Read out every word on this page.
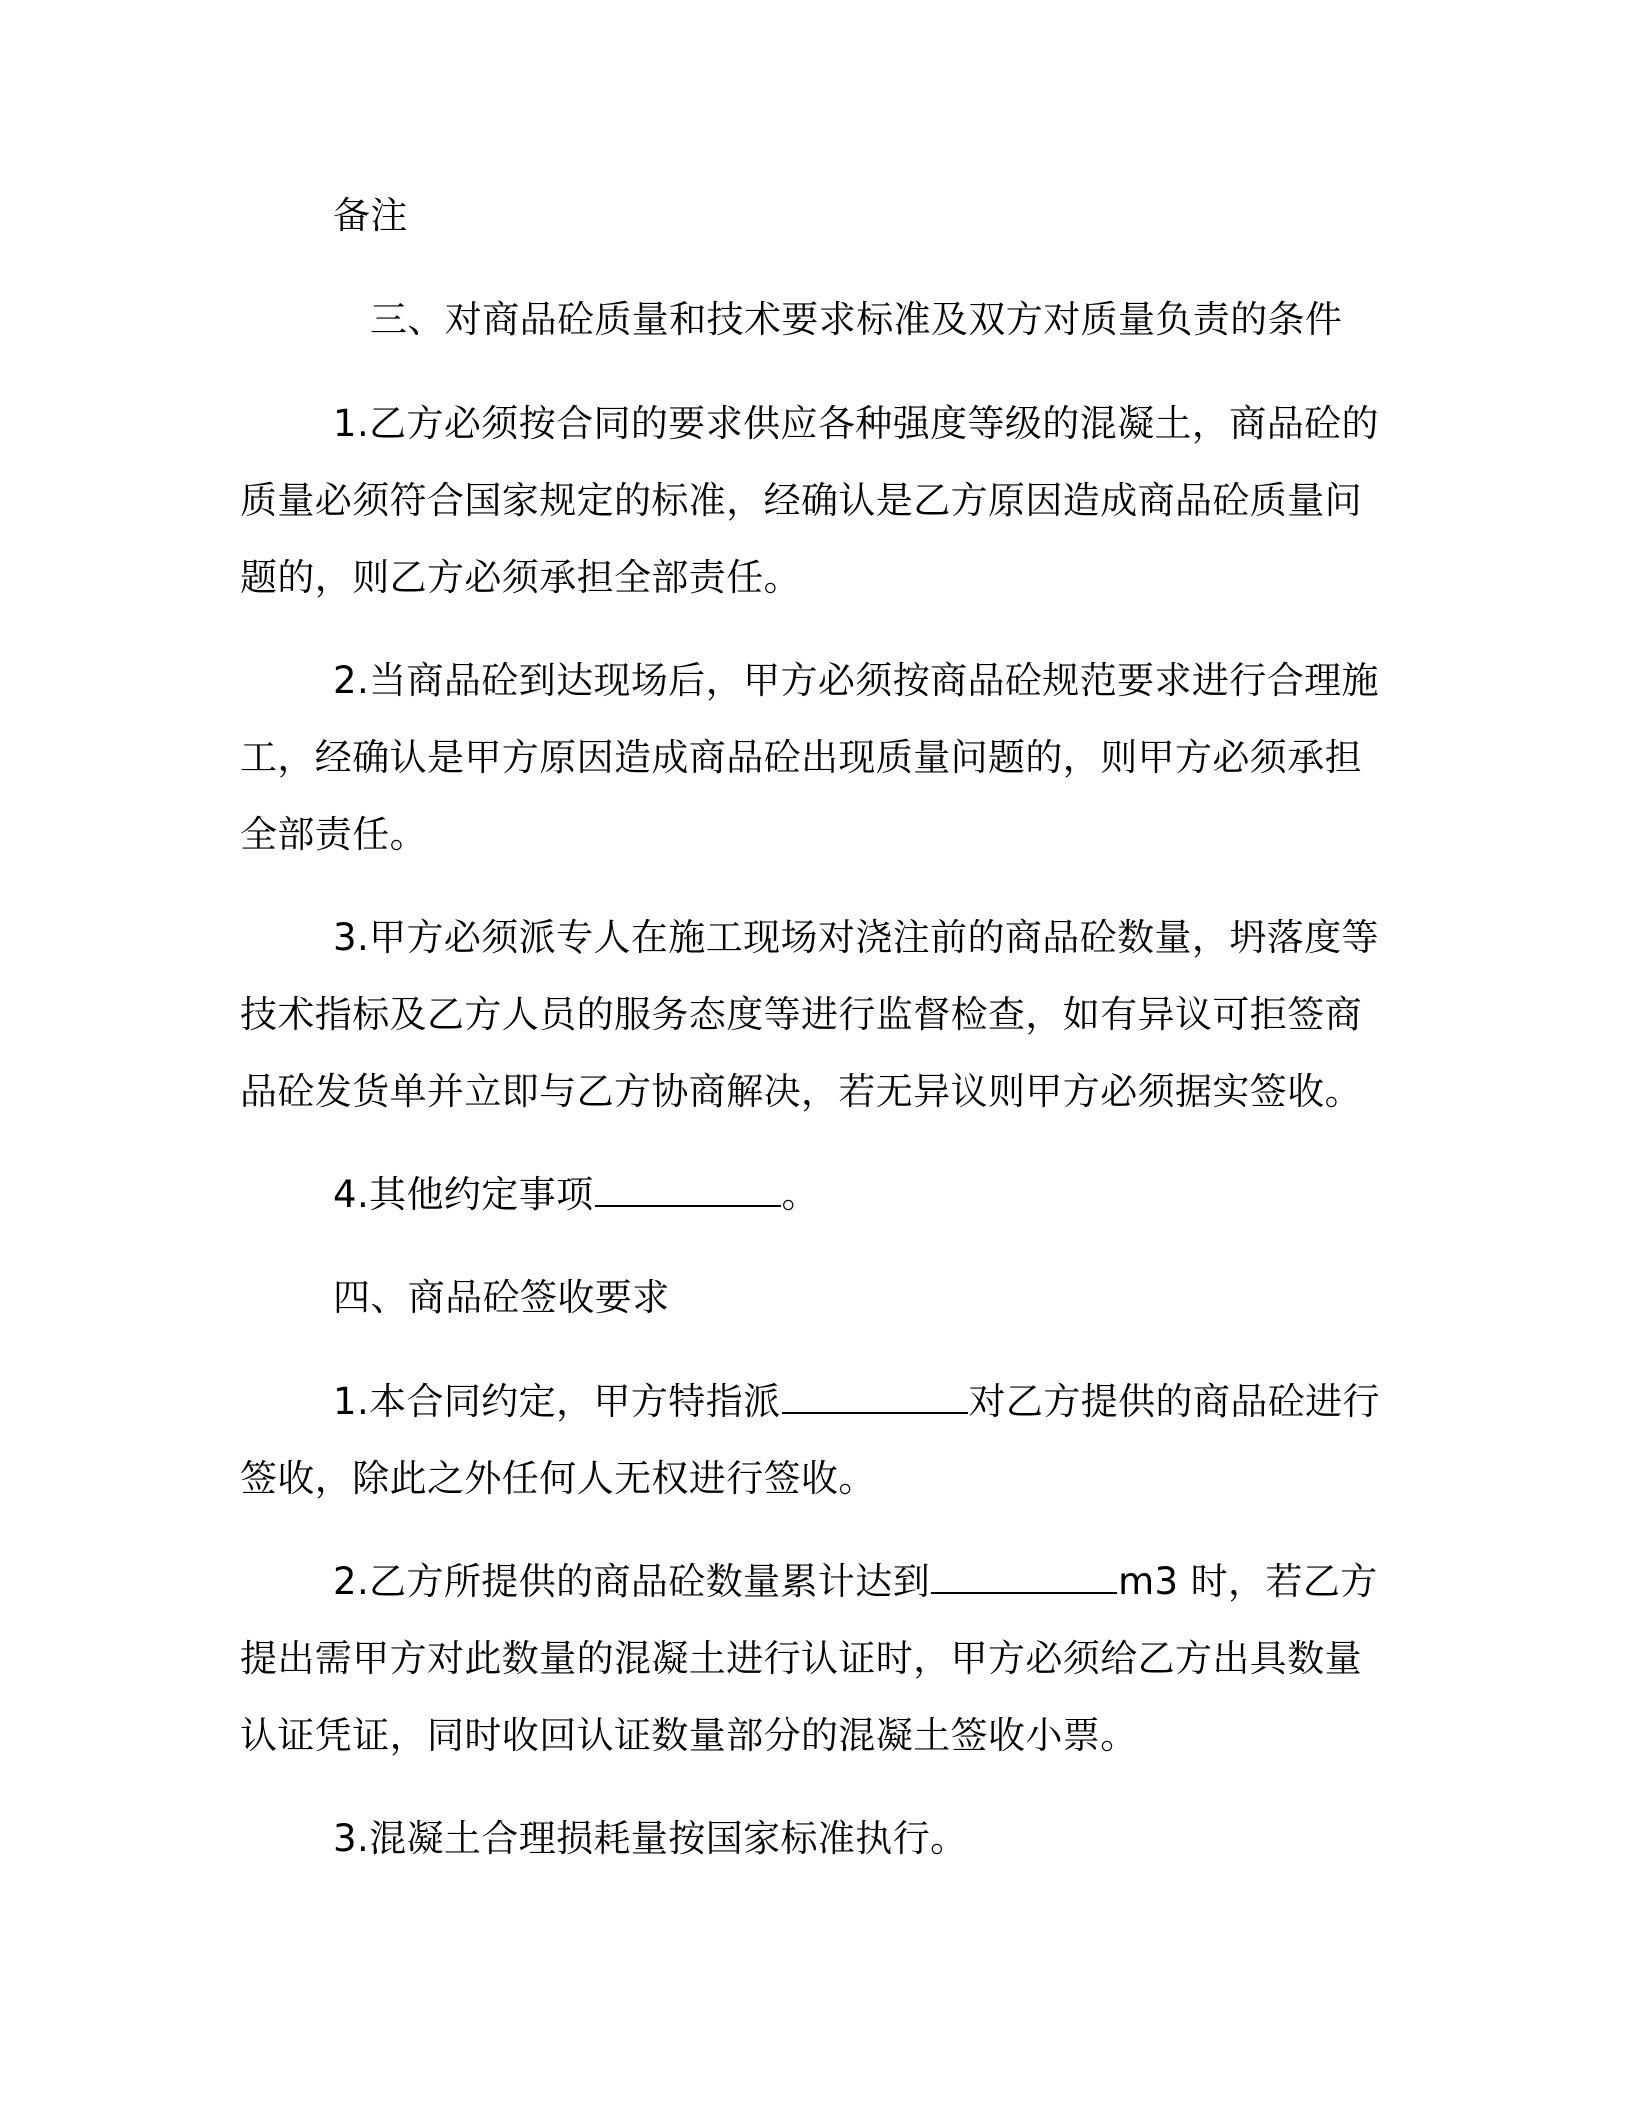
备注

三、对商品砼质量和技术要求标准及双方对质量负责的条件

1.乙方必须按合同的要求供应各种强度等级的混凝土，商品砼的

质量必须符合国家规定的标准，经确认是乙方原因造成商品砼质量问

题的，则乙方必须承担全部责任。

2.当商品砼到达现场后，甲方必须按商品砼规范要求进行合理施

工，经确认是甲方原因造成商品砼出现质量问题的，则甲方必须承担

全部责任。

3.甲方必须派专人在施工现场对浇注前的商品砼数量，坍落度等

技术指标及乙方人员的服务态度等进行监督检查，如有异议可拒签商

品砼发货单并立即与乙方协商解决，若无异议则甲方必须据实签收。

4.其他约定事项	。

四、商品砼签收要求

1.本合同约定，甲方特指派	对乙方提供的商品砼进行

签收，除此之外任何人无权进行签收。

2.乙方所提供的商品砼数量累计达到	m3 时，若乙方

提出需甲方对此数量的混凝土进行认证时，甲方必须给乙方出具数量

认证凭证，同时收回认证数量部分的混凝土签收小票。

3.混凝土合理损耗量按国家标准执行。
